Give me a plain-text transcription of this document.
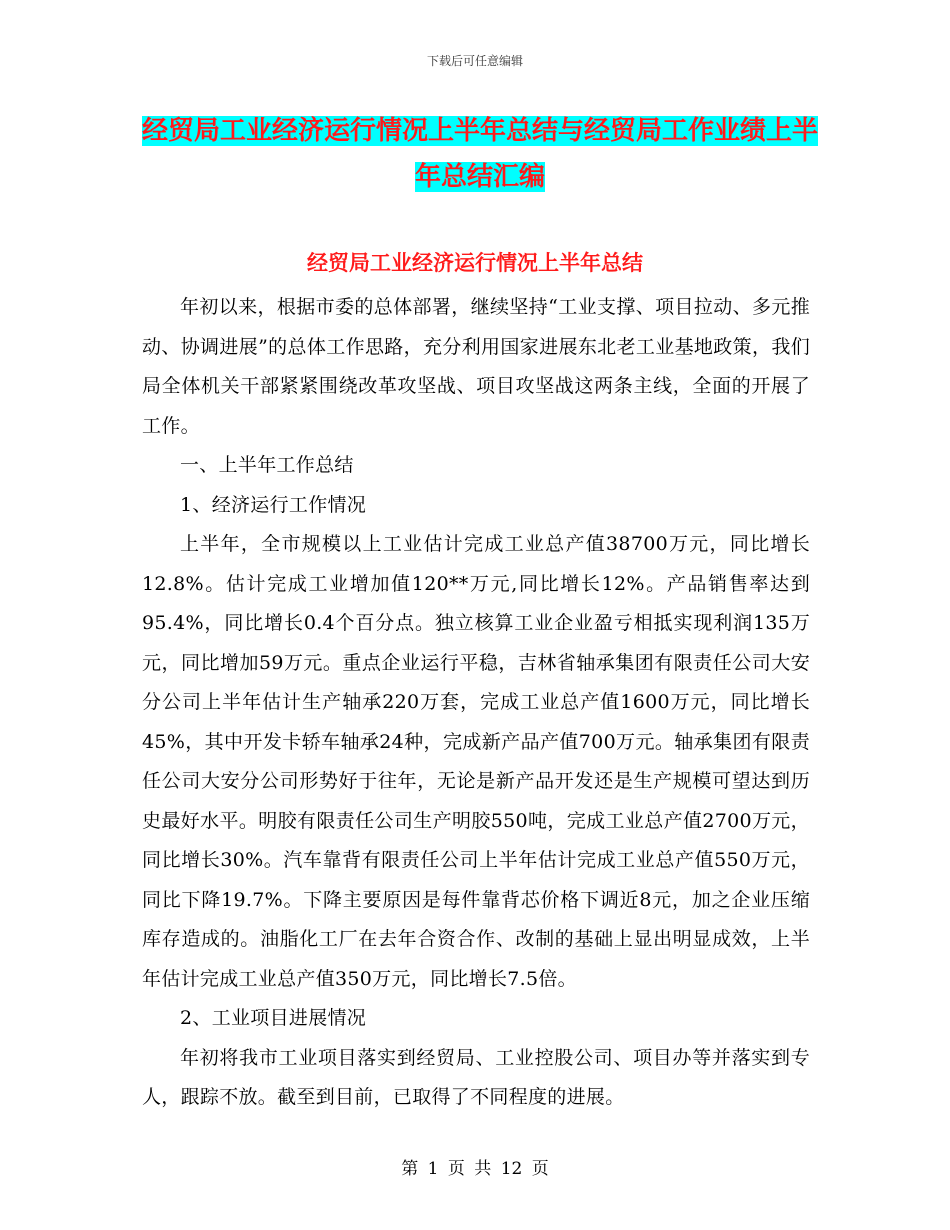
下载后可任意编辑
经贸局工业经济运行情况上半年总结与经贸局工作业绩上半年总结汇编
经贸局工业经济运行情况上半年总结

年初以来，根据市委的总体部署，继续坚持“工业支撑、项目拉动、多元推动、协调进展”的总体工作思路，充分利用国家进展东北老工业基地政策，我们局全体机关干部紧紧围绕改革攻坚战、项目攻坚战这两条主线，全面的开展了工作。

一、上半年工作总结

1、经济运行工作情况

上半年，全市规模以上工业估计完成工业总产值38700万元，同比增长12.8%。估计完成工业增加值120**万元,同比增长12%。产品销售率达到95.4%，同比增长0.4个百分点。独立核算工业企业盈亏相抵实现利润135万元，同比增加59万元。重点企业运行平稳，吉林省轴承集团有限责任公司大安分公司上半年估计生产轴承220万套，完成工业总产值1600万元，同比增长45%，其中开发卡轿车轴承24种，完成新产品产值700万元。轴承集团有限责任公司大安分公司形势好于往年，无论是新产品开发还是生产规模可望达到历史最好水平。明胶有限责任公司生产明胶550吨，完成工业总产值2700万元，同比增长30%。汽车靠背有限责任公司上半年估计完成工业总产值550万元，同比下降19.7%。下降主要原因是每件靠背芯价格下调近8元，加之企业压缩库存造成的。油脂化工厂在去年合资合作、改制的基础上显出明显成效，上半年估计完成工业总产值350万元，同比增长7.5倍。

2、工业项目进展情况

年初将我市工业项目落实到经贸局、工业控股公司、项目办等并落实到专人，跟踪不放。截至到目前，已取得了不同程度的进展。

第 1 页 共 12 页
